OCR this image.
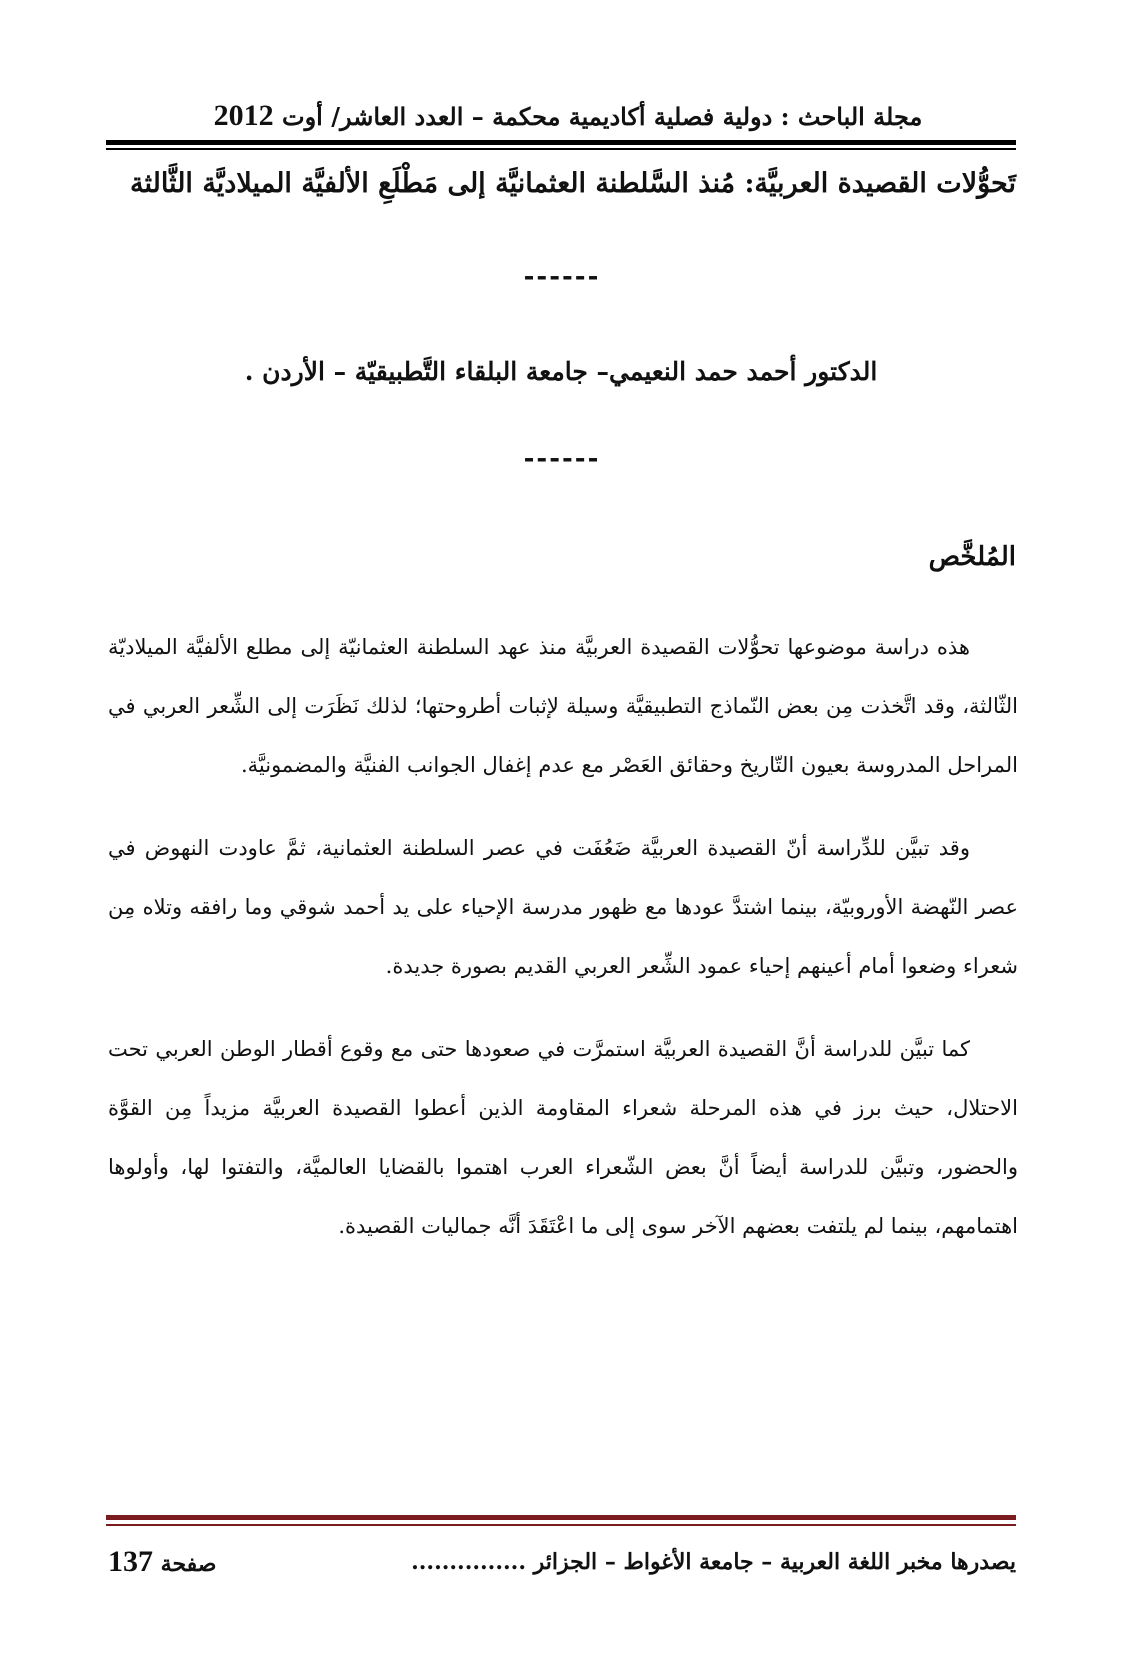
مجلة الباحث : دولية فصلية أكاديمية محكمة – العدد العاشر/ أوت 2012
تَحوُّلات القصيدة العربيَّة: مُنذ السَّلطنة العثمانيَّة إلى مَطْلَعِ الألفيَّة الميلاديَّة الثَّالثة
------
الدكتور أحمد حمد النعيمي– جامعة البلقاء التَّطبيقيّة – الأردن .
------
المُلخَّص

هذه دراسة موضوعها تحوُّلات القصيدة العربيَّة منذ عهد السلطنة العثمانيّة إلى مطلع الألفيَّة الميلاديّة الثّالثة، وقد اتَّخذت مِن بعض النّماذج التطبيقيَّة وسيلة لإثبات أطروحتها؛ لذلك نَظَرَت إلى الشِّعر العربي في المراحل المدروسة بعيون التّاريخ وحقائق العَصْر مع عدم إغفال الجوانب الفنيَّة والمضمونيَّة.

وقد تبيَّن للدِّراسة أنّ القصيدة العربيَّة ضَعُفَت في عصر السلطنة العثمانية، ثمَّ عاودت النهوض في عصر النّهضة الأوروبيّة، بينما اشتدَّ عودها مع ظهور مدرسة الإحياء على يد أحمد شوقي وما رافقه وتلاه مِن شعراء وضعوا أمام أعينهم إحياء عمود الشِّعر العربي القديم بصورة جديدة.

كما تبيَّن للدراسة أنَّ القصيدة العربيَّة استمرَّت في صعودها حتى مع وقوع أقطار الوطن العربي تحت الاحتلال، حيث برز في هذه المرحلة شعراء المقاومة الذين أعطوا القصيدة العربيَّة مزيداً مِن القوَّة والحضور، وتبيَّن للدراسة أيضاً أنَّ بعض الشّعراء العرب اهتموا بالقضايا العالميَّة، والتفتوا لها، وأولوها اهتمامهم، بينما لم يلتفت بعضهم الآخر سوى إلى ما اعْتَقَدَ أنَّه جماليات القصيدة.

يصدرها مخبر اللغة العربية – جامعة الأغواط – الجزائر ...............
صفحة 137
